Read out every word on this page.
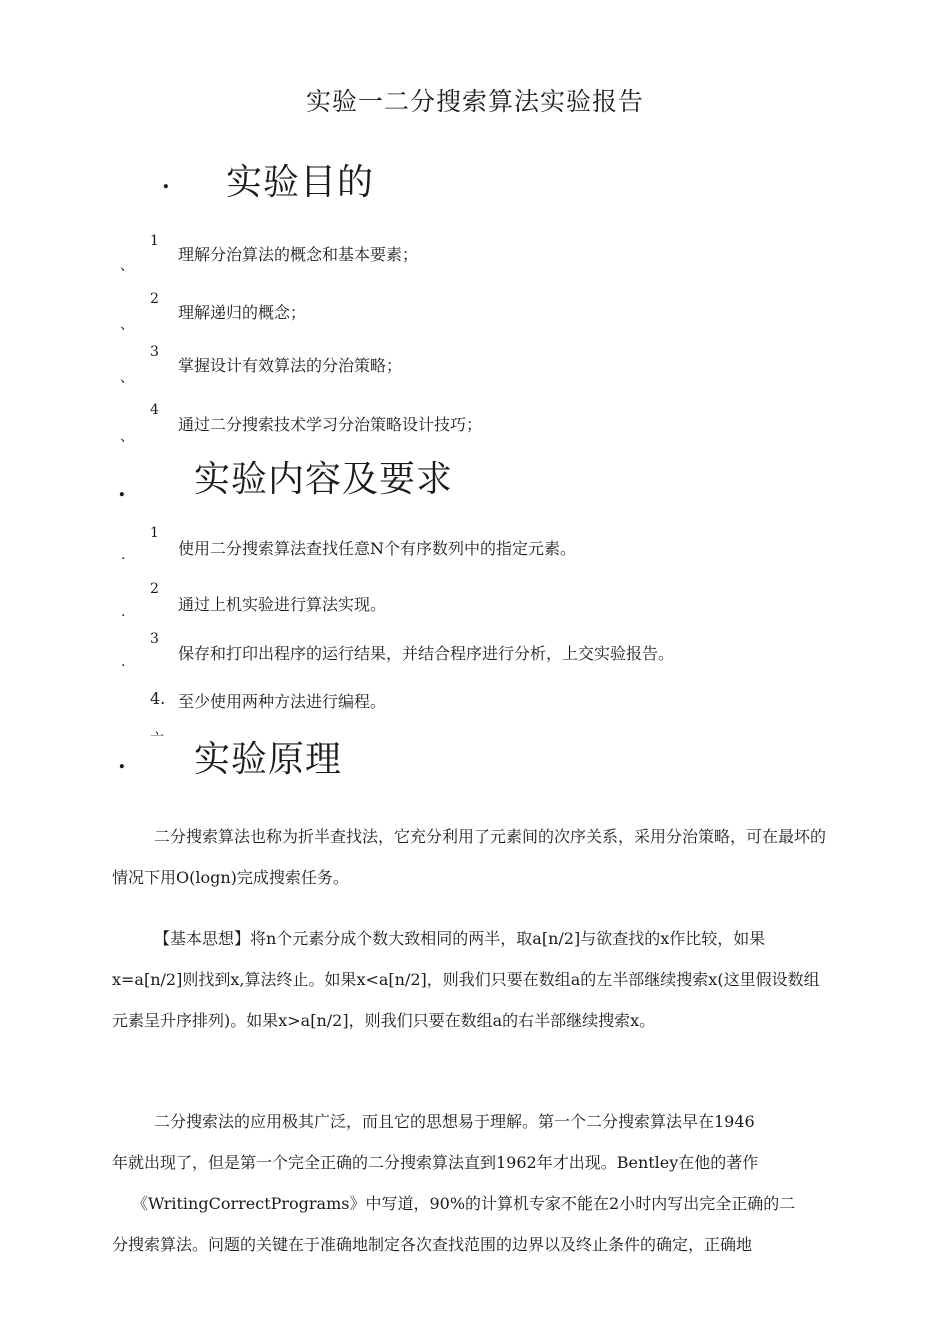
实验一二分搜索算法实验报告
. 实验目的
1
、
理解分治算法的概念和基本要素；
2
、
理解递归的概念；
3
、
掌握设计有效算法的分治策略；
4
、
通过二分搜索技术学习分治策略设计技巧；
. 实验内容及要求
1
.	使用二分搜索算法查找任意N个有序数列中的指定元素。
2
.	通过上机实验进行算法实现。
3
.	保存和打印出程序的运行结果，并结合程序进行分析，上交实验报告。
4. 至少使用两种方法进行编程。
.
亠 实验原理
二分搜索算法也称为折半查找法，它充分利用了元素间的次序关系，采用分治策略，可在最坏的情况下用O(logn)完成搜索任务。
【基本思想】将n个元素分成个数大致相同的两半，取a[n/2]与欲查找的x作比较，如果x=a[n/2]则找到x,算法终止。如果x<a[n/2]，则我们只要在数组a的左半部继续搜索x(这里假设数组元素呈升序排列)。如果x>a[n/2]，则我们只要在数组a的右半部继续搜索x。
二分搜索法的应用极其广泛，而且它的思想易于理解。第一个二分搜索算法早在1946
年就出现了，但是第一个完全正确的二分搜索算法直到1962年才出现。Bentley在他的著作
《WritingCorrectPrograms》中写道，90%的计算机专家不能在2小时内写出完全正确的二
分搜索算法。问题的关键在于准确地制定各次查找范围的边界以及终止条件的确定，正确地
